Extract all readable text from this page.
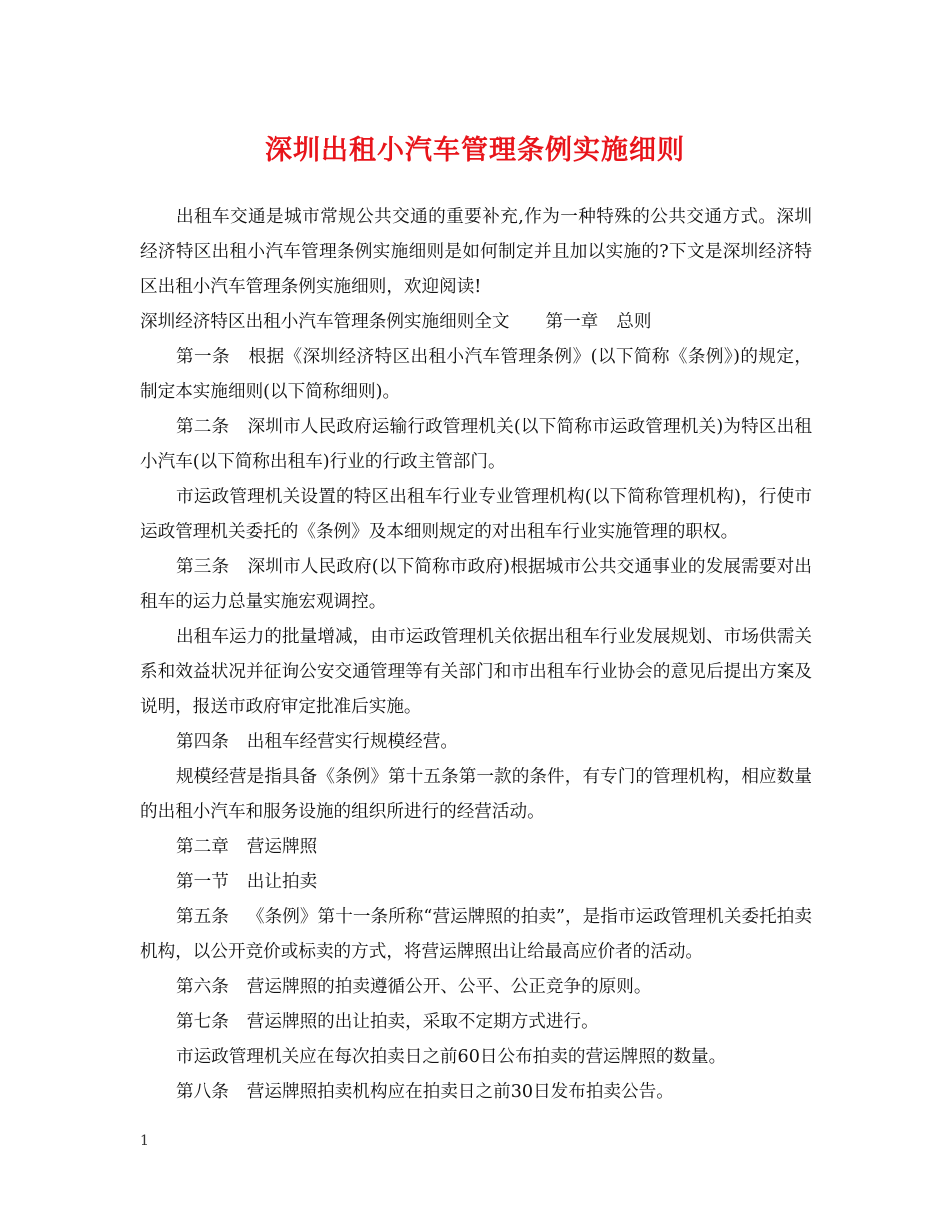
深圳出租小汽车管理条例实施细则

出租车交通是城市常规公共交通的重要补充,作为一种特殊的公共交通方式。深圳经济特区出租小汽车管理条例实施细则是如何制定并且加以实施的?下文是深圳经济特区出租小汽车管理条例实施细则，欢迎阅读!

深圳经济特区出租小汽车管理条例实施细则全文 第一章 总则

第一条 根据《深圳经济特区出租小汽车管理条例》(以下简称《条例》)的规定，制定本实施细则(以下简称细则)。

第二条 深圳市人民政府运输行政管理机关(以下简称市运政管理机关)为特区出租小汽车(以下简称出租车)行业的行政主管部门。

市运政管理机关设置的特区出租车行业专业管理机构(以下简称管理机构)，行使市运政管理机关委托的《条例》及本细则规定的对出租车行业实施管理的职权。

第三条 深圳市人民政府(以下简称市政府)根据城市公共交通事业的发展需要对出租车的运力总量实施宏观调控。

出租车运力的批量增减，由市运政管理机关依据出租车行业发展规划、市场供需关系和效益状况并征询公安交通管理等有关部门和市出租车行业协会的意见后提出方案及说明，报送市政府审定批准后实施。

第四条 出租车经营实行规模经营。

规模经营是指具备《条例》第十五条第一款的条件，有专门的管理机构，相应数量的出租小汽车和服务设施的组织所进行的经营活动。

第二章 营运牌照

第一节 出让拍卖

第五条 《条例》第十一条所称“营运牌照的拍卖”，是指市运政管理机关委托拍卖机构，以公开竞价或标卖的方式，将营运牌照出让给最高应价者的活动。

第六条 营运牌照的拍卖遵循公开、公平、公正竞争的原则。

第七条 营运牌照的出让拍卖，采取不定期方式进行。

市运政管理机关应在每次拍卖日之前60日公布拍卖的营运牌照的数量。

第八条 营运牌照拍卖机构应在拍卖日之前30日发布拍卖公告。

1
